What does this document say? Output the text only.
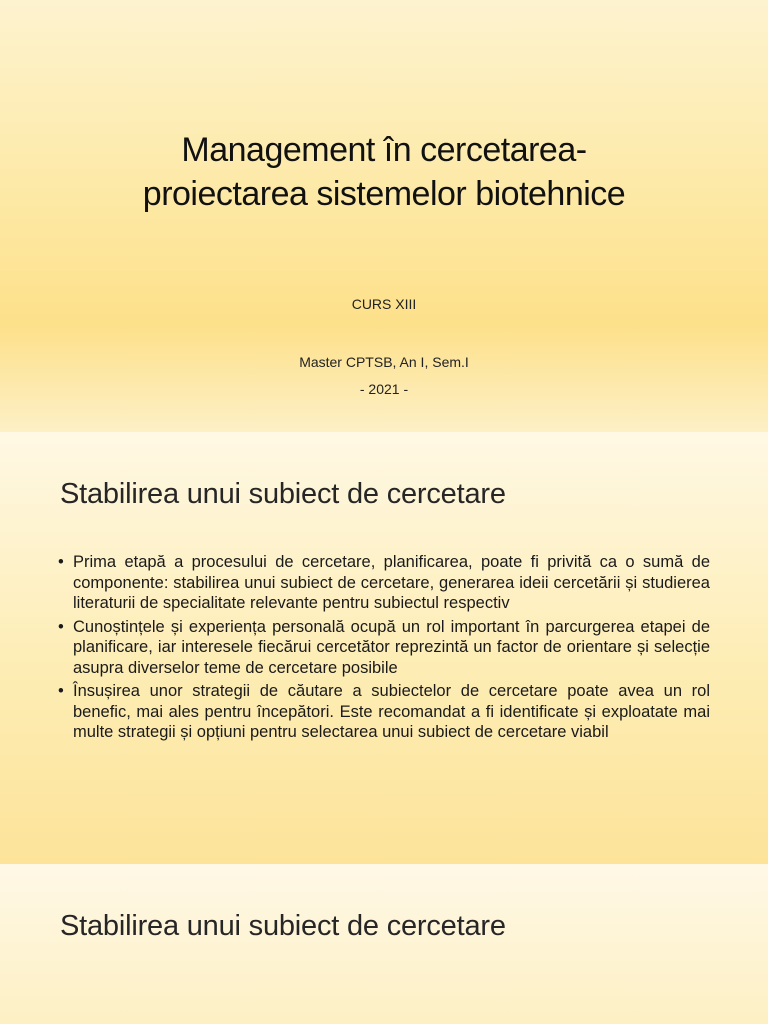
Management în cercetarea-
proiectarea sistemelor biotehnice
CURS XIII
Master CPTSB, An I, Sem.I
- 2021 -
Stabilirea unui subiect de cercetare
• Prima etapă a procesului de cercetare, planificarea, poate fi privită ca o sumă de componente: stabilirea unui subiect de cercetare, generarea ideii cercetării și studierea literaturii de specialitate relevante pentru subiectul respectiv
• Cunoștințele și experiența personală ocupă un rol important în parcurgerea etapei de planificare, iar interesele fiecărui cercetător reprezintă un factor de orientare și selecție asupra diverselor teme de cercetare posibile
• Însușirea unor strategii de căutare a subiectelor de cercetare poate avea un rol benefic, mai ales pentru începători. Este recomandat a fi identificate și exploatate mai multe strategii și opțiuni pentru selectarea unui subiect de cercetare viabil
Stabilirea unui subiect de cercetare
